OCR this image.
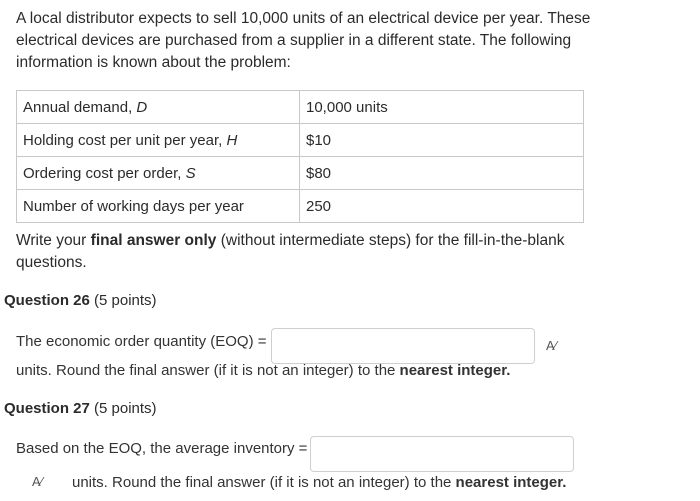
A local distributor expects to sell 10,000 units of an electrical device per year. These electrical devices are purchased from a supplier in a different state. The following information is known about the problem:
Annual demand, D	10,000 units
Holding cost per unit per year, H	$10
Ordering cost per order, S	$80
Number of working days per year	250
Write your final answer only (without intermediate steps) for the fill-in-the-blank questions.
Question 26 (5 points)
The economic order quantity (EOQ) =	A⁄
units. Round the final answer (if it is not an integer) to the nearest integer.
Question 27 (5 points)
Based on the EOQ, the average inventory =
A⁄ units. Round the final answer (if it is not an integer) to the nearest integer.
